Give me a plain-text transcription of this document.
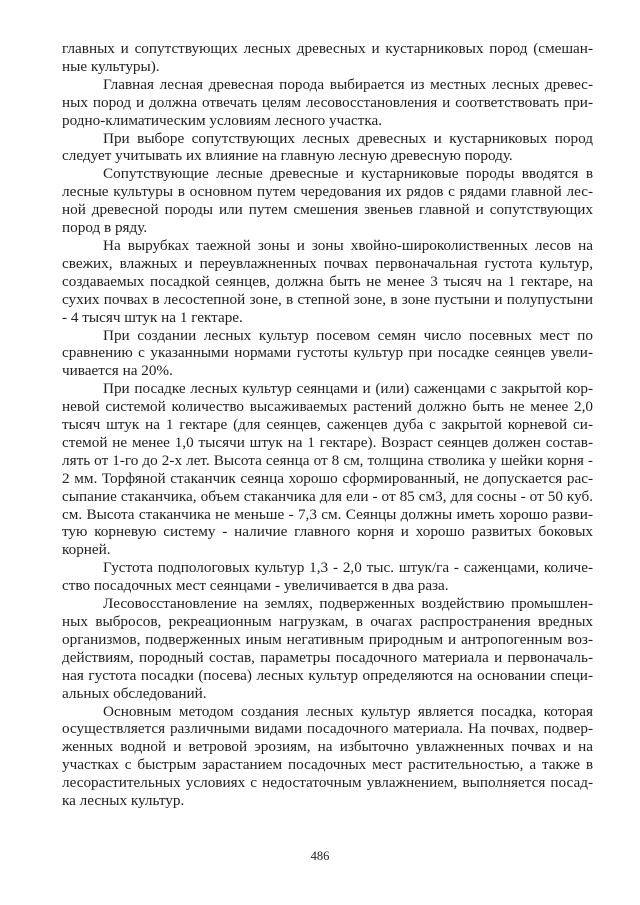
главных и сопутствующих лесных древесных и кустарниковых пород (смешанные культуры).

Главная лесная древесная порода выбирается из местных лесных древесных пород и должна отвечать целям лесовосстановления и соответствовать природно-климатическим условиям лесного участка.

При выборе сопутствующих лесных древесных и кустарниковых пород следует учитывать их влияние на главную лесную древесную породу.

Сопутствующие лесные древесные и кустарниковые породы вводятся в лесные культуры в основном путем чередования их рядов с рядами главной лесной древесной породы или путем смешения звеньев главной и сопутствующих пород в ряду.

На вырубках таежной зоны и зоны хвойно-широколиственных лесов на свежих, влажных и переувлажненных почвах первоначальная густота культур, создаваемых посадкой сеянцев, должна быть не менее 3 тысяч на 1 гектаре, на сухих почвах в лесостепной зоне, в степной зоне, в зоне пустыни и полупустыни - 4 тысяч штук на 1 гектаре.

При создании лесных культур посевом семян число посевных мест по сравнению с указанными нормами густоты культур при посадке сеянцев увеличивается на 20%.

При посадке лесных культур сеянцами и (или) саженцами с закрытой корневой системой количество высаживаемых растений должно быть не менее 2,0 тысяч штук на 1 гектаре (для сеянцев, саженцев дуба с закрытой корневой системой не менее 1,0 тысячи штук на 1 гектаре). Возраст сеянцев должен составлять от 1-го до 2-х лет. Высота сеянца от 8 см, толщина стволика у шейки корня - 2 мм. Торфяной стаканчик сеянца хорошо сформированный, не допускается рассыпание стаканчика, объем стаканчика для ели - от 85 см3, для сосны - от 50 куб. см. Высота стаканчика не меньше - 7,3 см. Сеянцы должны иметь хорошо развитую корневую систему - наличие главного корня и хорошо развитых боковых корней.

Густота подпологовых культур 1,3 - 2,0 тыс. штук/га - саженцами, количество посадочных мест сеянцами - увеличивается в два раза.

Лесовосстановление на землях, подверженных воздействию промышленных выбросов, рекреационным нагрузкам, в очагах распространения вредных организмов, подверженных иным негативным природным и антропогенным воздействиям, породный состав, параметры посадочного материала и первоначальная густота посадки (посева) лесных культур определяются на основании специальных обследований.

Основным методом создания лесных культур является посадка, которая осуществляется различными видами посадочного материала. На почвах, подверженных водной и ветровой эрозиям, на избыточно увлажненных почвах и на участках с быстрым зарастанием посадочных мест растительностью, а также в лесорастительных условиях с недостаточным увлажнением, выполняется посадка лесных культур.

486
